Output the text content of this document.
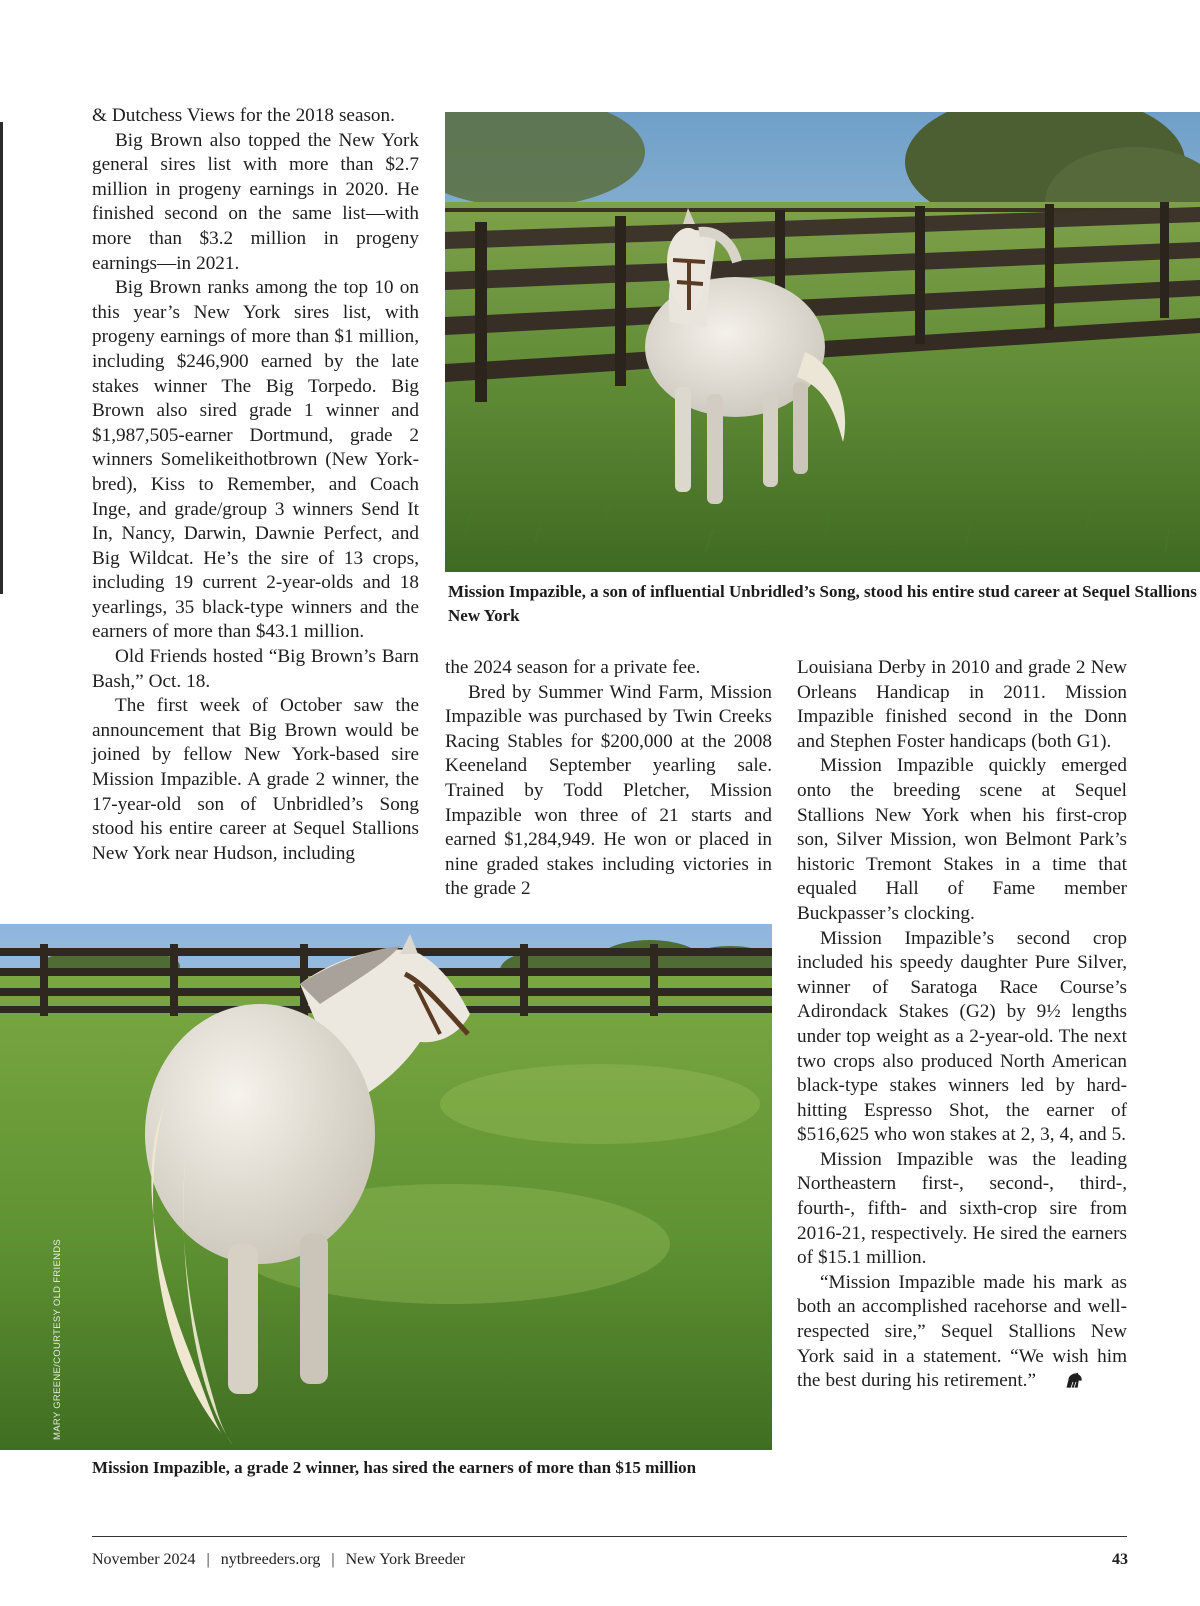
& Dutchess Views for the 2018 season.

Big Brown also topped the New York general sires list with more than $2.7 million in progeny earnings in 2020. He finished second on the same list—with more than $3.2 million in progeny earnings—in 2021.

Big Brown ranks among the top 10 on this year’s New York sires list, with progeny earnings of more than $1 million, including $246,900 earned by the late stakes winner The Big Torpedo. Big Brown also sired grade 1 winner and $1,987,505-earner Dortmund, grade 2 winners Somelikeithotbrown (New York-bred), Kiss to Remember, and Coach Inge, and grade/group 3 winners Send It In, Nancy, Darwin, Dawnie Perfect, and Big Wildcat. He’s the sire of 13 crops, including 19 current 2-year-olds and 18 yearlings, 35 black-type winners and the earners of more than $43.1 million.

Old Friends hosted “Big Brown’s Barn Bash,” Oct. 18.

The first week of October saw the announcement that Big Brown would be joined by fellow New York-based sire Mission Impazible. A grade 2 winner, the 17-year-old son of Unbridled’s Song stood his entire career at Sequel Stallions New York near Hudson, including

Mission Impazible, a son of influential Unbridled’s Song, stood his entire stud career at Sequel Stallions New York

the 2024 season for a private fee.

Bred by Summer Wind Farm, Mission Impazible was purchased by Twin Creeks Racing Stables for $200,000 at the 2008 Keeneland September yearling sale. Trained by Todd Pletcher, Mission Impazible won three of 21 starts and earned $1,284,949. He won or placed in nine graded stakes including victories in the grade 2

Louisiana Derby in 2010 and grade 2 New Orleans Handicap in 2011. Mission Impazible finished second in the Donn and Stephen Foster handicaps (both G1).

Mission Impazible quickly emerged onto the breeding scene at Sequel Stallions New York when his first-crop son, Silver Mission, won Belmont Park’s historic Tremont Stakes in a time that equaled Hall of Fame member Buckpasser’s clocking.

Mission Impazible’s second crop included his speedy daughter Pure Silver, winner of Saratoga Race Course’s Adirondack Stakes (G2) by 9½ lengths under top weight as a 2-year-old. The next two crops also produced North American black-type stakes winners led by hard-hitting Espresso Shot, the earner of $516,625 who won stakes at 2, 3, 4, and 5.

Mission Impazible was the leading Northeastern first-, second-, third-, fourth-, fifth- and sixth-crop sire from 2016-21, respectively. He sired the earners of $15.1 million.

“Mission Impazible made his mark as both an accomplished racehorse and well-respected sire,” Sequel Stallions New York said in a statement. “We wish him the best during his retirement.”

MARY GREENE/COURTESY OLD FRIENDS
Mission Impazible, a grade 2 winner, has sired the earners of more than $15 million
November 2024 | nytbreeders.org | New York Breeder	43
